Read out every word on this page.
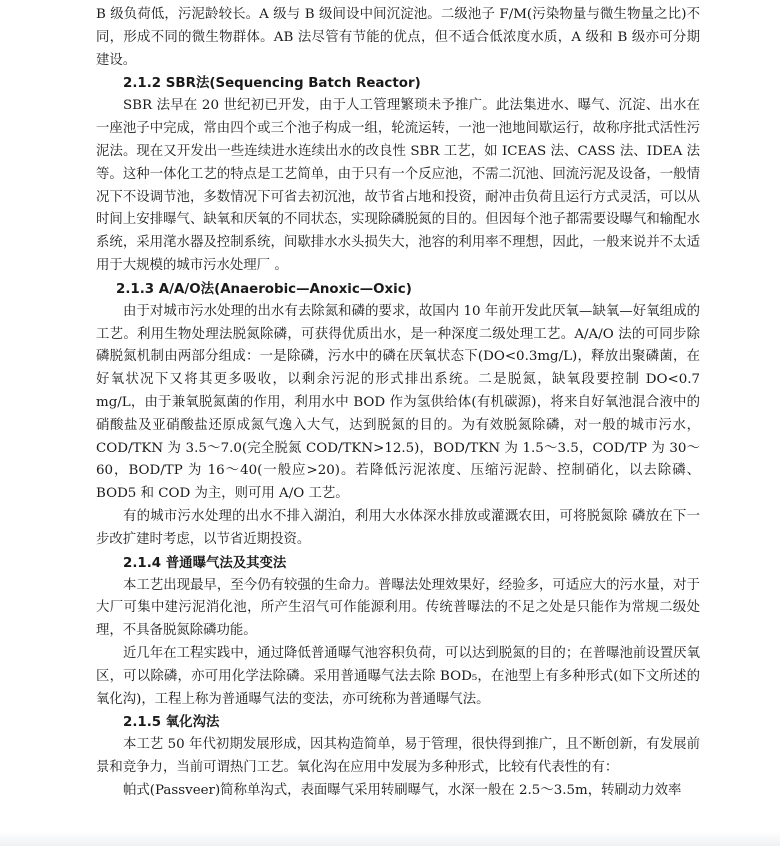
B 级负荷低，污泥龄较长。A 级与 B 级间设中间沉淀池。二级池子 F/M(污染物量与微生物量之比)不同，形成不同的微生物群体。AB 法尽管有节能的优点，但不适合低浓度水质，A 级和 B 级亦可分期建设。

2.1.2 SBR法(Sequencing Batch Reactor)

SBR 法早在 20 世纪初已开发，由于人工管理繁琐未予推广。此法集进水、曝气、沉淀、出水在一座池子中完成，常由四个或三个池子构成一组，轮流运转，一池一池地间歇运行，故称序批式活性污泥法。现在又开发出一些连续进水连续出水的改良性 SBR 工艺，如 ICEAS 法、CASS 法、IDEA 法等。这种一体化工艺的特点是工艺简单，由于只有一个反应池，不需二沉池、回流污泥及设备，一般情况下不设调节池，多数情况下可省去初沉池，故节省占地和投资，耐冲击负荷且运行方式灵活，可以从时间上安排曝气、缺氧和厌氧的不同状态，实现除磷脱氮的目的。但因每个池子都需要设曝气和输配水系统，采用滗水器及控制系统，间歇排水水头损失大，池容的利用率不理想，因此，一般来说并不太适用于大规模的城市污水处理厂 。

2.1.3 A/A/O法(Anaerobic—Anoxic—Oxic)

由于对城市污水处理的出水有去除氮和磷的要求，故国内 10 年前开发此厌氧—缺氧—好氧组成的工艺。利用生物处理法脱氮除磷，可获得优质出水，是一种深度二级处理工艺。A/A/O 法的可同步除磷脱氮机制由两部分组成：一是除磷，污水中的磷在厌氧状态下(DO<0.3mg/L)，释放出聚磷菌，在好氧状况下又将其更多吸收，以剩余污泥的形式排出系统。二是脱氮，缺氧段要控制 DO<0.7 mg/L，由于兼氧脱氮菌的作用，利用水中 BOD 作为氢供给体(有机碳源)，将来自好氧池混合液中的硝酸盐及亚硝酸盐还原成氮气逸入大气，达到脱氮的目的。为有效脱氮除磷，对一般的城市污水，COD/TKN 为 3.5～7.0(完全脱氮 COD/TKN>12.5)，BOD/TKN 为 1.5～3.5，COD/TP 为 30～60，BOD/TP 为 16～40(一般应>20)。若降低污泥浓度、压缩污泥龄、控制硝化，以去除磷、BOD5 和 COD 为主，则可用 A/O 工艺。

有的城市污水处理的出水不排入湖泊，利用大水体深水排放或灌溉农田，可将脱氮除 磷放在下一步改扩建时考虑，以节省近期投资。

2.1.4 普通曝气法及其变法

本工艺出现最早，至今仍有较强的生命力。普曝法处理效果好，经验多，可适应大的污水量，对于大厂可集中建污泥消化池，所产生沼气可作能源利用。传统普曝法的不足之处是只能作为常规二级处理，不具备脱氮除磷功能。

近几年在工程实践中，通过降低普通曝气池容积负荷，可以达到脱氮的目的；在普曝池前设置厌氧区，可以除磷，亦可用化学法除磷。采用普通曝气法去除 BOD₅，在池型上有多种形式(如下文所述的氧化沟)，工程上称为普通曝气法的变法，亦可统称为普通曝气法。

2.1.5 氧化沟法

本工艺 50 年代初期发展形成，因其构造简单，易于管理，很快得到推广，且不断创新，有发展前景和竞争力，当前可谓热门工艺。氧化沟在应用中发展为多种形式，比较有代表性的有：

帕式(Passveer)简称单沟式，表面曝气采用转刷曝气，水深一般在 2.5～3.5m，转刷动力效率
